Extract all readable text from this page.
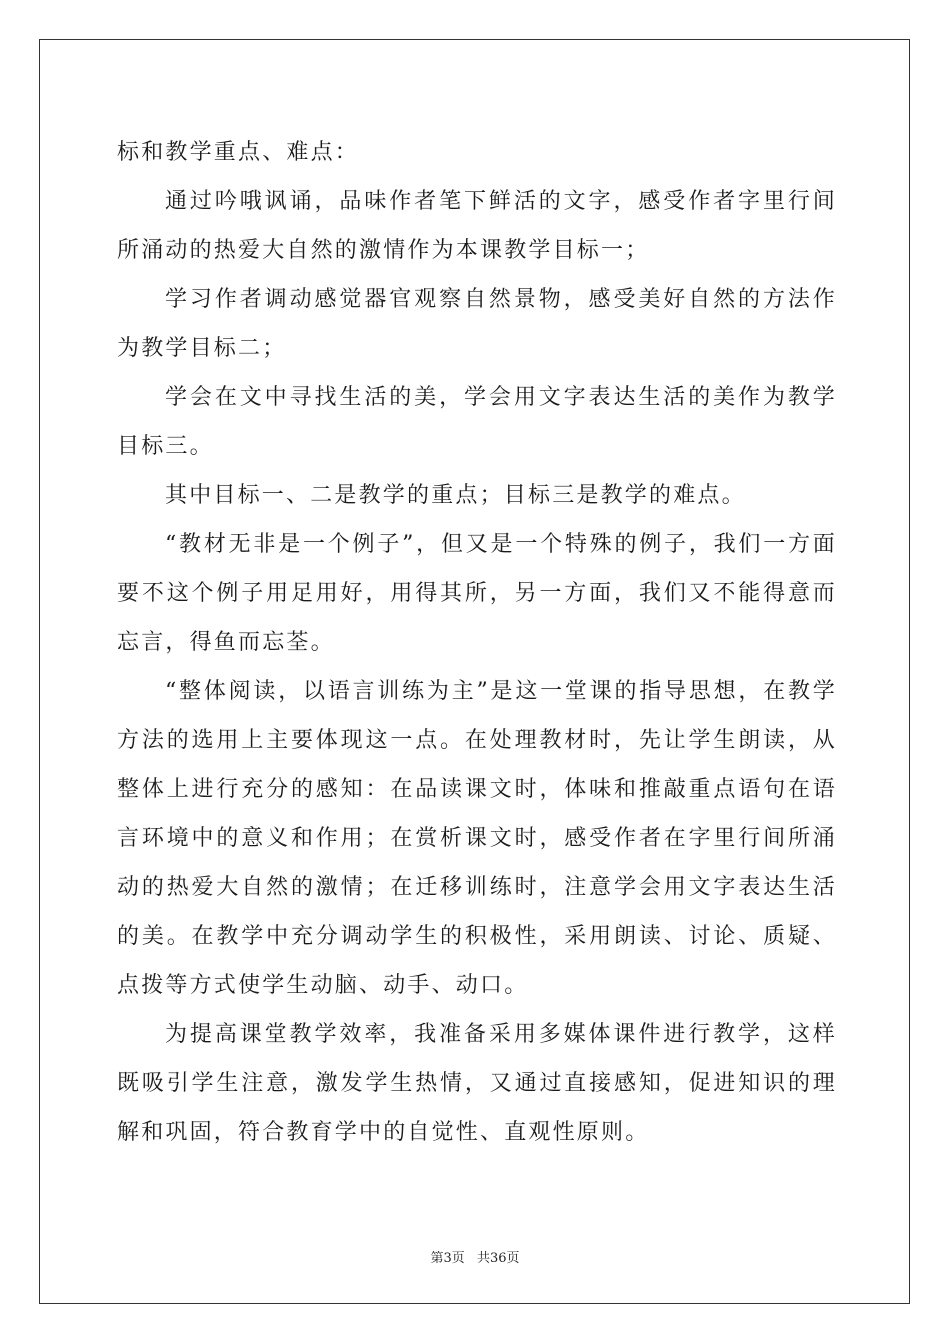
标和教学重点、难点：

通过吟哦讽诵，品味作者笔下鲜活的文字，感受作者字里行间所涌动的热爱大自然的激情作为本课教学目标一；

学习作者调动感觉器官观察自然景物，感受美好自然的方法作为教学目标二；

学会在文中寻找生活的美，学会用文字表达生活的美作为教学目标三。

其中目标一、二是教学的重点；目标三是教学的难点。

“教材无非是一个例子”，但又是一个特殊的例子，我们一方面要不这个例子用足用好，用得其所，另一方面，我们又不能得意而忘言，得鱼而忘荃。

“整体阅读，以语言训练为主”是这一堂课的指导思想，在教学方法的选用上主要体现这一点。在处理教材时，先让学生朗读，从整体上进行充分的感知：在品读课文时，体味和推敲重点语句在语言环境中的意义和作用；在赏析课文时，感受作者在字里行间所涌动的热爱大自然的激情；在迁移训练时，注意学会用文字表达生活的美。在教学中充分调动学生的积极性，采用朗读、讨论、质疑、点拨等方式使学生动脑、动手、动口。

为提高课堂教学效率，我准备采用多媒体课件进行教学，这样既吸引学生注意，激发学生热情，又通过直接感知，促进知识的理解和巩固，符合教育学中的自觉性、直观性原则。

第3页 共36页
